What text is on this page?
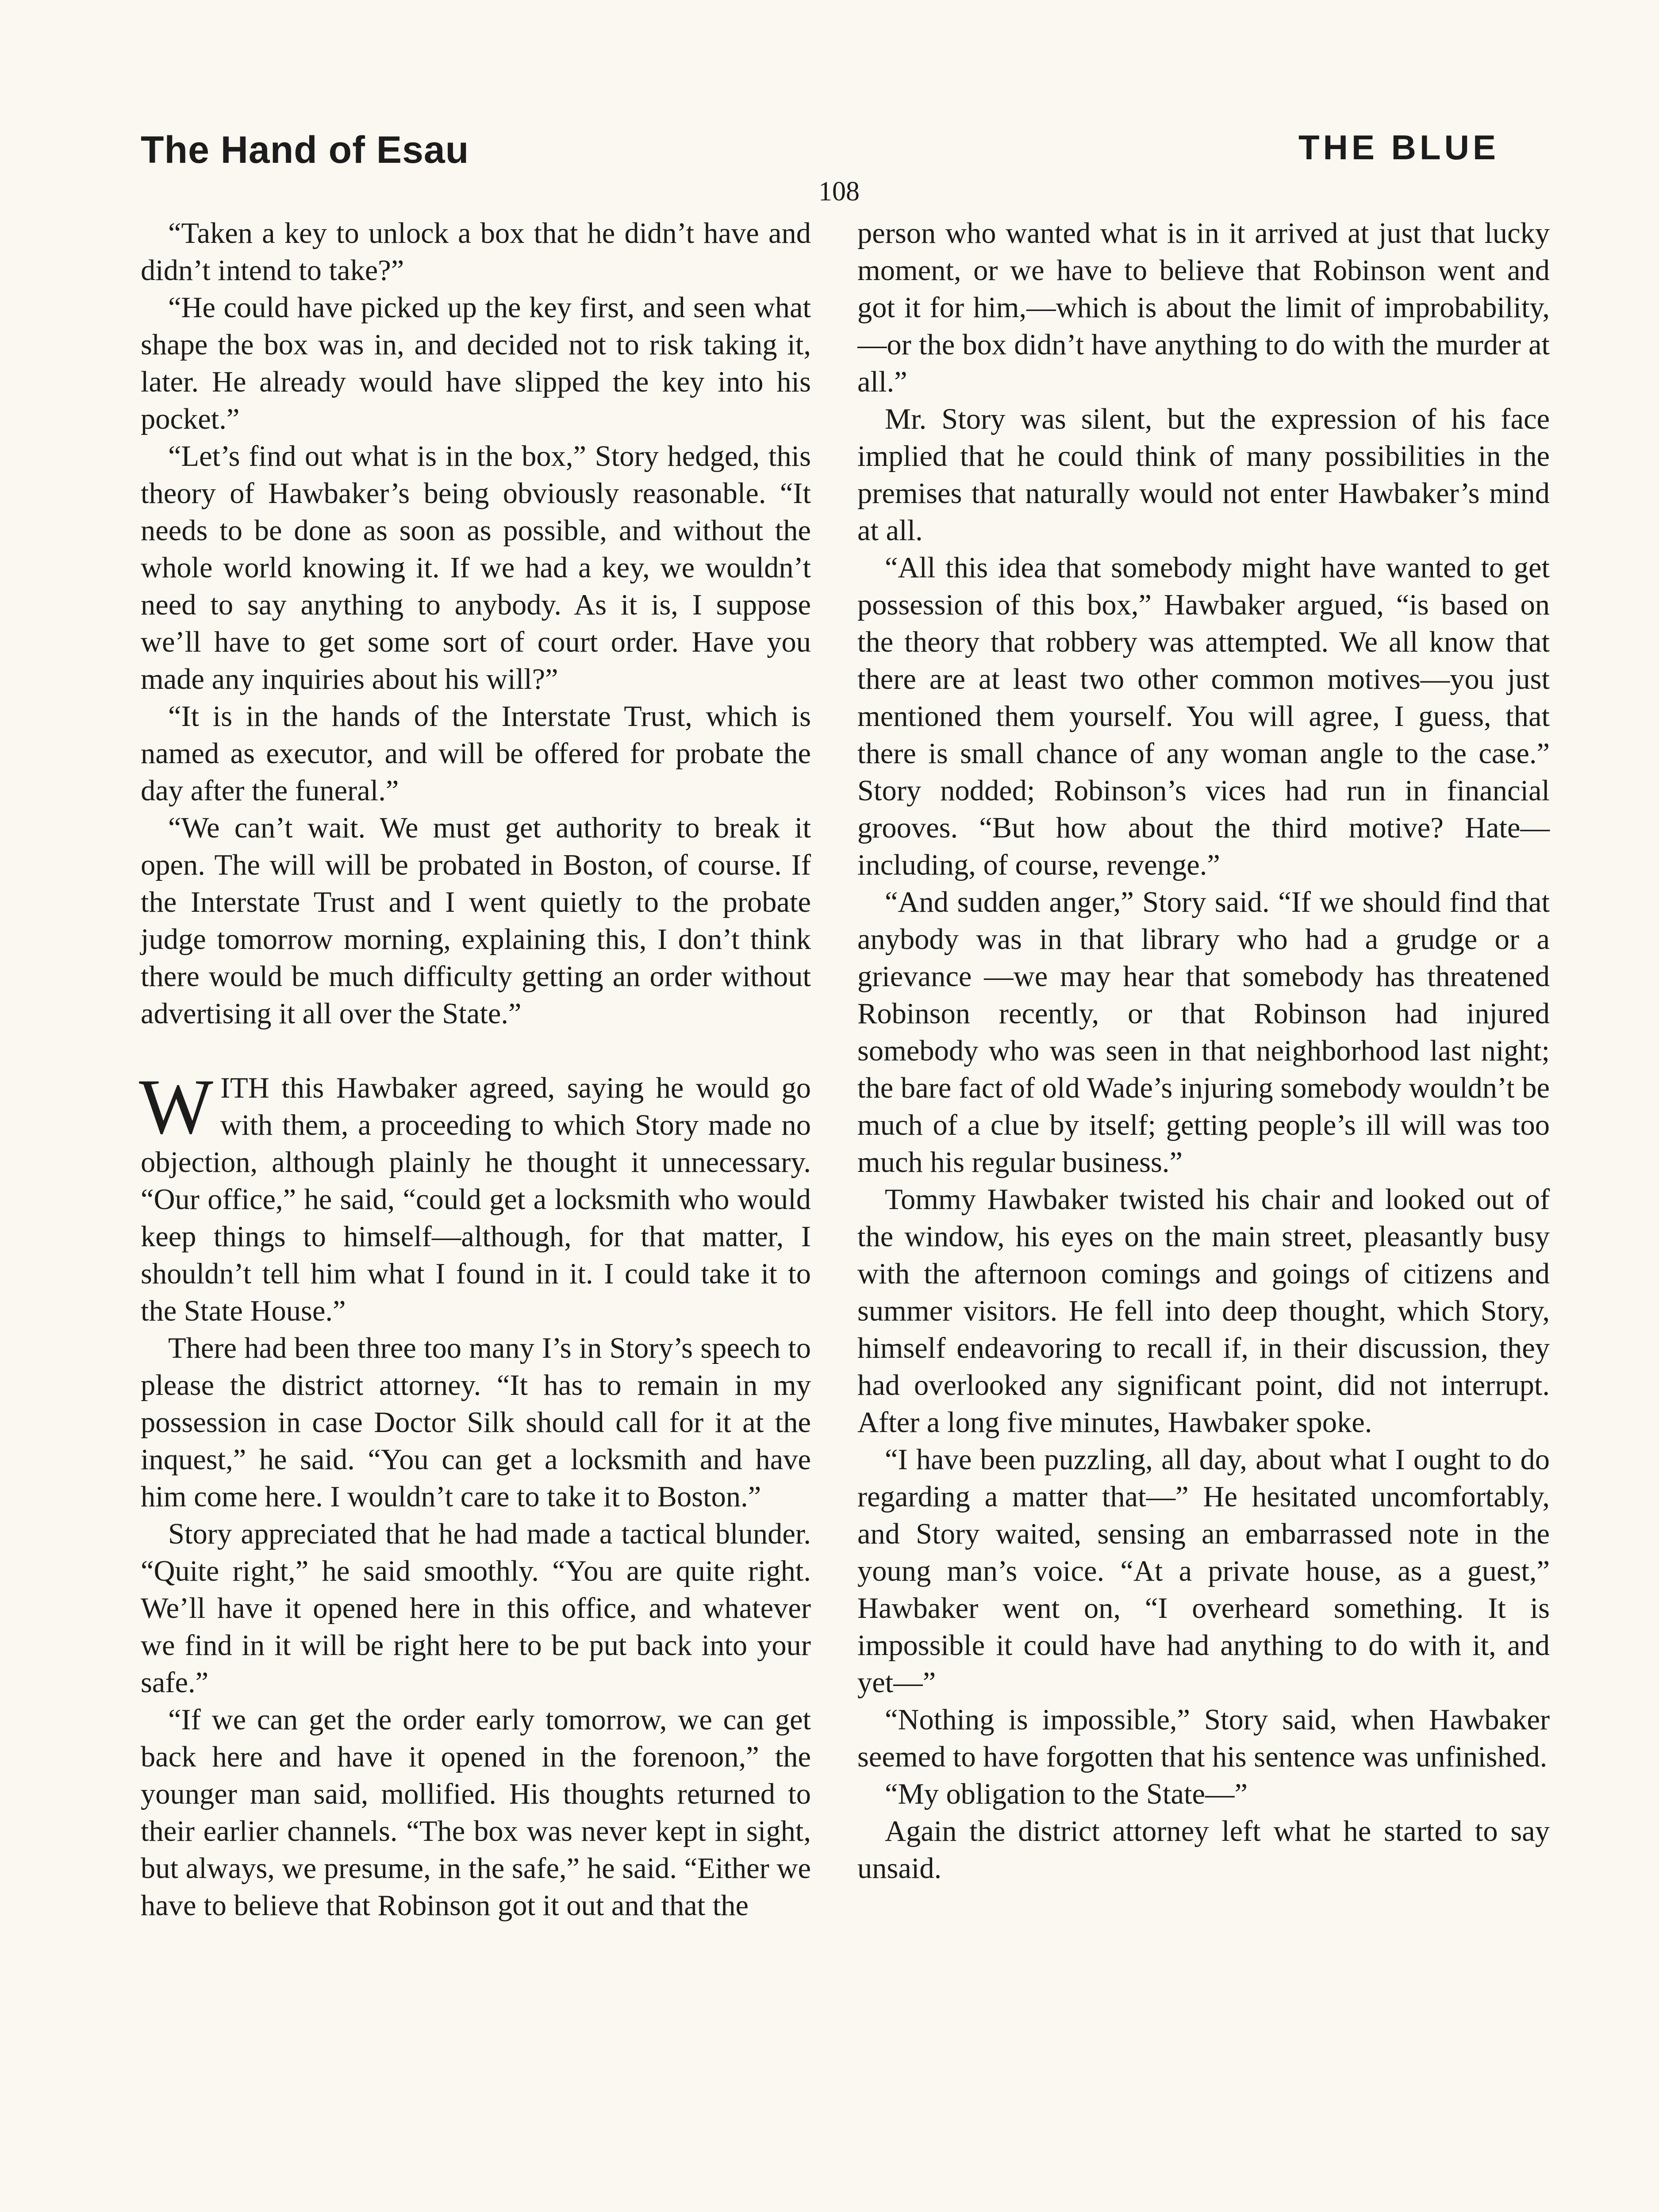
The Hand of Esau	THE BLUE
108

“Taken a key to unlock a box that he didn’t have and didn’t intend to take?”

“He could have picked up the key first, and seen what shape the box was in, and decided not to risk taking it, later. He already would have slipped the key into his pocket.”

“Let’s find out what is in the box,” Story hedged, this theory of Hawbaker’s being obviously reasonable. “It needs to be done as soon as possible, and without the whole world knowing it. If we had a key, we wouldn’t need to say anything to anybody. As it is, I suppose we’ll have to get some sort of court order. Have you made any inquiries about his will?”

“It is in the hands of the Interstate Trust, which is named as executor, and will be offered for probate the day after the funeral.”

“We can’t wait. We must get authority to break it open. The will will be probated in Boston, of course. If the Interstate Trust and I went quietly to the probate judge tomorrow morning, explaining this, I don’t think there would be much difficulty getting an order without advertising it all over the State.”

WITH this Hawbaker agreed, saying he would go with them, a proceeding to which Story made no objection, although plainly he thought it unnecessary. “Our office,” he said, “could get a locksmith who would keep things to himself—although, for that matter, I shouldn’t tell him what I found in it. I could take it to the State House.”

There had been three too many I’s in Story’s speech to please the district attorney. “It has to remain in my possession in case Doctor Silk should call for it at the inquest,” he said. “You can get a locksmith and have him come here. I wouldn’t care to take it to Boston.”

Story appreciated that he had made a tactical blunder. “Quite right,” he said smoothly. “You are quite right. We’ll have it opened here in this office, and whatever we find in it will be right here to be put back into your safe.”

“If we can get the order early tomorrow, we can get back here and have it opened in the forenoon,” the younger man said, mollified. His thoughts returned to their earlier channels. “The box was never kept in sight, but always, we presume, in the safe,” he said. “Either we have to believe that Robinson got it out and that the

person who wanted what is in it arrived at just that lucky moment, or we have to believe that Robinson went and got it for him,—which is about the limit of improbability,—or the box didn’t have anything to do with the murder at all.”

Mr. Story was silent, but the expression of his face implied that he could think of many possibilities in the premises that naturally would not enter Hawbaker’s mind at all.

“All this idea that somebody might have wanted to get possession of this box,” Hawbaker argued, “is based on the theory that robbery was attempted. We all know that there are at least two other common motives—you just mentioned them yourself. You will agree, I guess, that there is small chance of any woman angle to the case.” Story nodded; Robinson’s vices had run in financial grooves. “But how about the third motive? Hate—including, of course, revenge.”

“And sudden anger,” Story said. “If we should find that anybody was in that library who had a grudge or a grievance —we may hear that somebody has threatened Robinson recently, or that Robinson had injured somebody who was seen in that neighborhood last night; the bare fact of old Wade’s injuring somebody wouldn’t be much of a clue by itself; getting people’s ill will was too much his regular business.”

Tommy Hawbaker twisted his chair and looked out of the window, his eyes on the main street, pleasantly busy with the afternoon comings and goings of citizens and summer visitors. He fell into deep thought, which Story, himself endeavoring to recall if, in their discussion, they had overlooked any significant point, did not interrupt. After a long five minutes, Hawbaker spoke.

“I have been puzzling, all day, about what I ought to do regarding a matter that—” He hesitated uncomfortably, and Story waited, sensing an embarrassed note in the young man’s voice. “At a private house, as a guest,” Hawbaker went on, “I overheard something. It is impossible it could have had anything to do with it, and yet—”

“Nothing is impossible,” Story said, when Hawbaker seemed to have forgotten that his sentence was unfinished.

“My obligation to the State—”

Again the district attorney left what he started to say unsaid.
